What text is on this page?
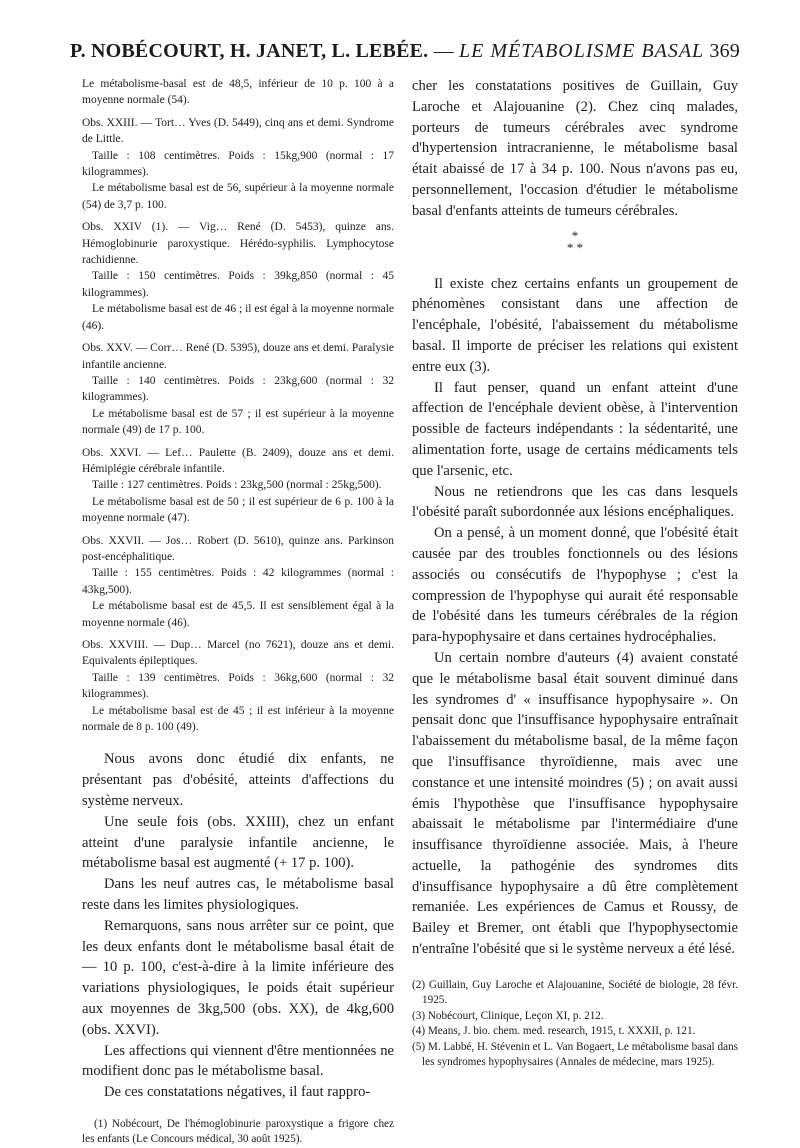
P. NOBÉCOURT, H. JANET, L. LEBÉE. — LE MÉTABOLISME BASAL 369

Le métabolisme-basal est de 48,5, inférieur de 10 p. 100 à a moyenne normale (54).

Obs. XXIII. — Tort… Yves (D. 5449), cinq ans et demi. Syndrome de Little.

Taille : 108 centimètres. Poids : 15kg,900 (normal : 17 kilogrammes).

Le métabolisme basal est de 56, supérieur à la moyenne normale (54) de 3,7 p. 100.

Obs. XXIV (1). — Vig… René (D. 5453), quinze ans. Hémoglobinurie paroxystique. Hérédo-syphilis. Lymphocytose rachidienne.

Taille : 150 centimètres. Poids : 39kg,850 (normal : 45 kilogrammes).

Le métabolisme basal est de 46 ; il est égal à la moyenne normale (46).

Obs. XXV. — Corr… René (D. 5395), douze ans et demi. Paralysie infantile ancienne.

Taille : 140 centimètres. Poids : 23kg,600 (normal : 32 kilogrammes).

Le métabolisme basal est de 57 ; il est supérieur à la moyenne normale (49) de 17 p. 100.

Obs. XXVI. — Lef… Paulette (B. 2409), douze ans et demi. Hémiplégie cérébrale infantile.

Taille : 127 centimètres. Poids : 23kg,500 (normal : 25kg,500).

Le métabolisme basal est de 50 ; il est supérieur de 6 p. 100 à la moyenne normale (47).

Obs. XXVII. — Jos… Robert (D. 5610), quinze ans. Parkinson post-encéphalitique.

Taille : 155 centimètres. Poids : 42 kilogrammes (normal : 43kg,500).

Le métabolisme basal est de 45,5. Il est sensiblement égal à la moyenne normale (46).

Obs. XXVIII. — Dup… Marcel (no 7621), douze ans et demi. Equivalents épileptiques.

Taille : 139 centimètres. Poids : 36kg,600 (normal : 32 kilogrammes).

Le métabolisme basal est de 45 ; il est inférieur à la moyenne normale de 8 p. 100 (49).

Nous avons donc étudié dix enfants, ne présentant pas d'obésité, atteints d'affections du système nerveux.

Une seule fois (obs. XXIII), chez un enfant atteint d'une paralysie infantile ancienne, le métabolisme basal est augmenté (+ 17 p. 100).

Dans les neuf autres cas, le métabolisme basal reste dans les limites physiologiques.

Remarquons, sans nous arrêter sur ce point, que les deux enfants dont le métabolisme basal était de — 10 p. 100, c'est-à-dire à la limite inférieure des variations physiologiques, le poids était supérieur aux moyennes de 3kg,500 (obs. XX), de 4kg,600 (obs. XXVI).

Les affections qui viennent d'être mentionnées ne modifient donc pas le métabolisme basal.

De ces constatations négatives, il faut rappro-

(1) Nobécourt, De l'hémoglobinurie paroxystique a frigore chez les enfants (Le Concours médical, 30 août 1925).

cher les constatations positives de Guillain, Guy Laroche et Alajouanine (2). Chez cinq malades, porteurs de tumeurs cérébrales avec syndrome d'hypertension intracranienne, le métabolisme basal était abaissé de 17 à 34 p. 100. Nous n'avons pas eu, personnellement, l'occasion d'étudier le métabolisme basal d'enfants atteints de tumeurs cérébrales.

*
* *

Il existe chez certains enfants un groupement de phénomènes consistant dans une affection de l'encéphale, l'obésité, l'abaissement du métabolisme basal. Il importe de préciser les relations qui existent entre eux (3).

Il faut penser, quand un enfant atteint d'une affection de l'encéphale devient obèse, à l'intervention possible de facteurs indépendants : la sédentarité, une alimentation forte, usage de certains médicaments tels que l'arsenic, etc.

Nous ne retiendrons que les cas dans lesquels l'obésité paraît subordonnée aux lésions encéphaliques.

On a pensé, à un moment donné, que l'obésité était causée par des troubles fonctionnels ou des lésions associés ou consécutifs de l'hypophyse ; c'est la compression de l'hypophyse qui aurait été responsable de l'obésité dans les tumeurs cérébrales de la région para-hypophysaire et dans certaines hydrocéphalies.

Un certain nombre d'auteurs (4) avaient constaté que le métabolisme basal était souvent diminué dans les syndromes d' « insuffisance hypophysaire ». On pensait donc que l'insuffisance hypophysaire entraînait l'abaissement du métabolisme basal, de la même façon que l'insuffisance thyroïdienne, mais avec une constance et une intensité moindres (5) ; on avait aussi émis l'hypothèse que l'insuffisance hypophysaire abaissait le métabolisme par l'intermédiaire d'une insuffisance thyroïdienne associée. Mais, à l'heure actuelle, la pathogénie des syndromes dits d'insuffisance hypophysaire a dû être complètement remaniée. Les expériences de Camus et Roussy, de Bailey et Bremer, ont établi que l'hypophysectomie n'entraîne l'obésité que si le système nerveux a été lésé.

(2) Guillain, Guy Laroche et Alajouanine, Société de biologie, 28 févr. 1925.

(3) Nobécourt, Clinique, Leçon XI, p. 212.

(4) Means, J. bio. chem. med. research, 1915, t. XXXII, p. 121.

(5) M. Labbé, H. Stévenin et L. Van Bogaert, Le métabolisme basal dans les syndromes hypophysaires (Annales de médecine, mars 1925).
